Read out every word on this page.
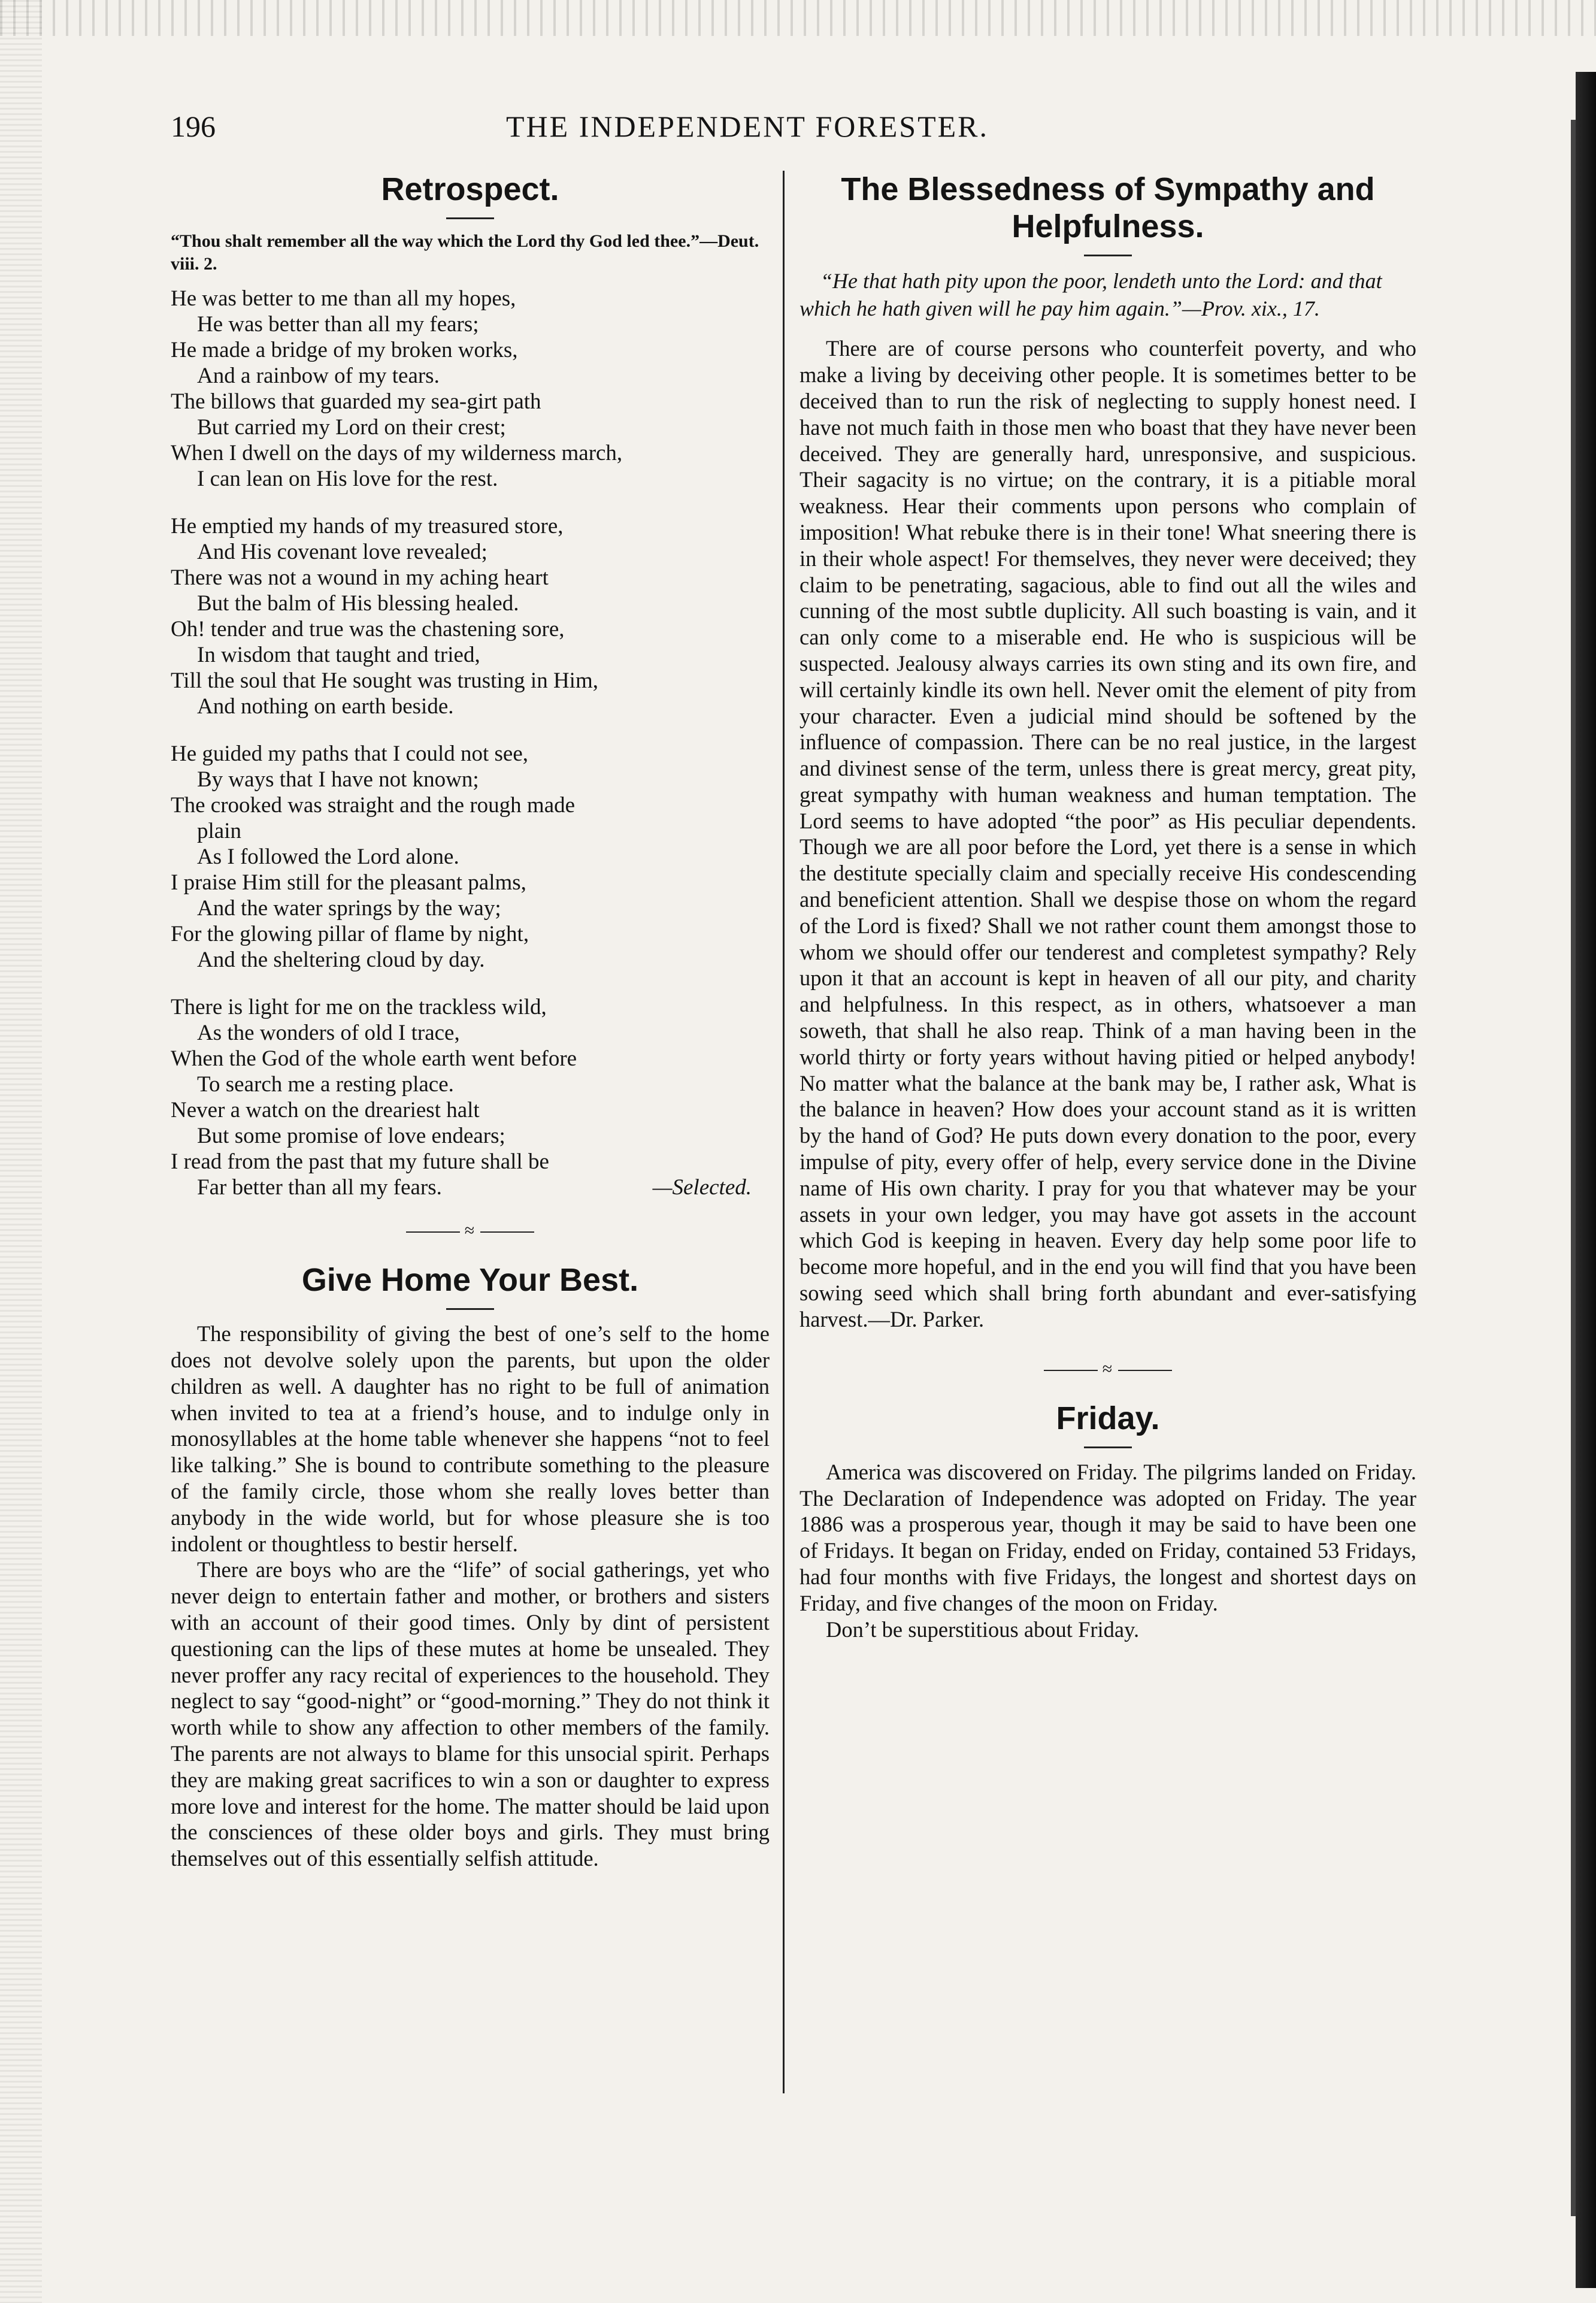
196	THE INDEPENDENT FORESTER.
Retrospect.

“Thou shalt remember all the way which the Lord thy God led thee.”—Deut. viii. 2.

He was better to me than all my hopes,
He was better than all my fears;
He made a bridge of my broken works,
And a rainbow of my tears.
The billows that guarded my sea-girt path
But carried my Lord on their crest;
When I dwell on the days of my wilderness march,
I can lean on His love for the rest.
He emptied my hands of my treasured store,
And His covenant love revealed;
There was not a wound in my aching heart
But the balm of His blessing healed.
Oh! tender and true was the chastening sore,
In wisdom that taught and tried,
Till the soul that He sought was trusting in Him,
And nothing on earth beside.
He guided my paths that I could not see,
By ways that I have not known;
The crooked was straight and the rough made
plain
As I followed the Lord alone.
I praise Him still for the pleasant palms,
And the water springs by the way;
For the glowing pillar of flame by night,
And the sheltering cloud by day.
There is light for me on the trackless wild,
As the wonders of old I trace,
When the God of the whole earth went before
To search me a resting place.
Never a watch on the dreariest halt
But some promise of love endears;
I read from the past that my future shall be
Far better than all my fears.	—Selected.
≈
Give Home Your Best.

The responsibility of giving the best of one’s self to the home does not devolve solely upon the parents, but upon the older children as well. A daughter has no right to be full of animation when invited to tea at a friend’s house, and to indulge only in monosyllables at the home table whenever she happens “not to feel like talking.” She is bound to contribute something to the pleasure of the family circle, those whom she really loves better than anybody in the wide world, but for whose pleasure she is too indolent or thoughtless to bestir herself.

There are boys who are the “life” of social gatherings, yet who never deign to entertain father and mother, or brothers and sisters with an account of their good times. Only by dint of persistent questioning can the lips of these mutes at home be unsealed. They never proffer any racy recital of experiences to the household. They neglect to say “good-night” or “good-morning.” They do not think it worth while to show any affection to other members of the family. The parents are not always to blame for this unsocial spirit. Perhaps they are making great sacrifices to win a son or daughter to express more love and interest for the home. The matter should be laid upon the consciences of these older boys and girls. They must bring themselves out of this essentially selfish attitude.

The Blessedness of Sympathy and Helpfulness.

“He that hath pity upon the poor, lendeth unto the Lord: and that which he hath given will he pay him again.”—Prov. xix., 17.

There are of course persons who counterfeit poverty, and who make a living by deceiving other people. It is sometimes better to be deceived than to run the risk of neglecting to supply honest need. I have not much faith in those men who boast that they have never been deceived. They are generally hard, unresponsive, and suspicious. Their sagacity is no virtue; on the contrary, it is a pitiable moral weakness. Hear their comments upon persons who complain of imposition! What rebuke there is in their tone! What sneering there is in their whole aspect! For themselves, they never were deceived; they claim to be penetrating, sagacious, able to find out all the wiles and cunning of the most subtle duplicity. All such boasting is vain, and it can only come to a miserable end. He who is suspicious will be suspected. Jealousy always carries its own sting and its own fire, and will certainly kindle its own hell. Never omit the element of pity from your character. Even a judicial mind should be softened by the influence of compassion. There can be no real justice, in the largest and divinest sense of the term, unless there is great mercy, great pity, great sympathy with human weakness and human temptation. The Lord seems to have adopted “the poor” as His peculiar dependents. Though we are all poor before the Lord, yet there is a sense in which the destitute specially claim and specially receive His condescending and beneficient attention. Shall we despise those on whom the regard of the Lord is fixed? Shall we not rather count them amongst those to whom we should offer our tenderest and completest sympathy? Rely upon it that an account is kept in heaven of all our pity, and charity and helpfulness. In this respect, as in others, whatsoever a man soweth, that shall he also reap. Think of a man having been in the world thirty or forty years without having pitied or helped anybody! No matter what the balance at the bank may be, I rather ask, What is the balance in heaven? How does your account stand as it is written by the hand of God? He puts down every donation to the poor, every impulse of pity, every offer of help, every service done in the Divine name of His own charity. I pray for you that whatever may be your assets in your own ledger, you may have got assets in the account which God is keeping in heaven. Every day help some poor life to become more hopeful, and in the end you will find that you have been sowing seed which shall bring forth abundant and ever-satisfying harvest.—Dr. Parker.

≈
Friday.

America was discovered on Friday. The pilgrims landed on Friday. The Declaration of Independence was adopted on Friday. The year 1886 was a prosperous year, though it may be said to have been one of Fridays. It began on Friday, ended on Friday, contained 53 Fridays, had four months with five Fridays, the longest and shortest days on Friday, and five changes of the moon on Friday.

Don’t be superstitious about Friday.
